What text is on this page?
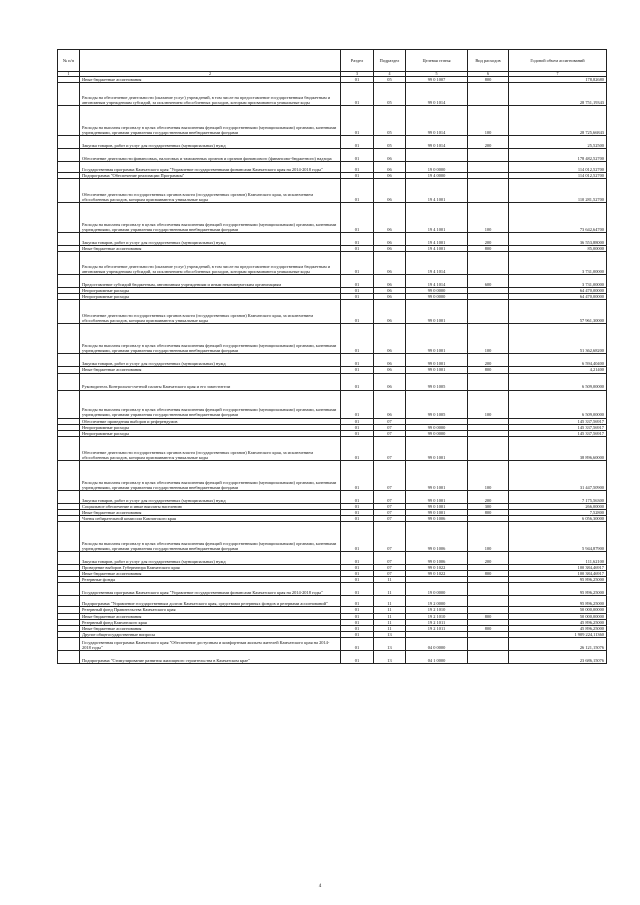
№ п/п		Раздел	Подраздел	Целевая статья	Вид расходов	Годовой объем ассигнований
1	2	3	4	5	6	7
	Иные бюджетные ассигнования	01	05	99 0 1007	800	178,82680
	Расходы на обеспечение деятельности (оказание услуг) учреждений, в том числе на предоставление государственным бюджетным и автономным учреждениям субсидий, за исключением обособленных расходов, которым присваиваются уникальные коды	01	05	99 0 1014		28 751,19343
	Расходы на выплаты персоналу в целях обеспечения выполнения функций государственными (муниципальными) органами, казенными учреждениями, органами управления государственными внебюджетными фондами	01	05	99 0 1014	100	28 725,66843
	Закупка товаров, работ и услуг для государственных (муниципальных) нужд	01	05	99 0 1014	200	25,52500
	Обеспечение деятельности финансовых, налоговых и таможенных органов и органов финансового (финансово-бюджетного) надзора	01	06			178 482,52700
	Государственная программа Камчатского края "Управление государственными финансами Камчатского края на 2014-2018 годы"	01	06	19 0 0000		114 012,52700
	Подпрограмма "Обеспечение реализации Программы"	01	06	19 4 0000		114 012,52700
	Обеспечение деятельности государственных органов власти (государственных органов) Камчатского края, за исключением обособленных расходов, которым присваиваются уникальные коды	01	06	19 4 1001		110 281,52700
	Расходы на выплаты персоналу в целях обеспечения выполнения функций государственными (муниципальными) органами, казенными учреждениями, органами управления государственными внебюджетными фондами	01	06	19 4 1001	100	73 642,64700
	Закупка товаров, работ и услуг для государственных (муниципальных) нужд	01	06	19 4 1001	200	36 553,88000
	Иные бюджетные ассигнования	01	06	19 4 1001	800	85,00000
	Расходы на обеспечение деятельности (оказание услуг) учреждений, в том числе на предоставление государственным бюджетным и автономным учреждениям субсидий, за исключением обособленных расходов, которым присваиваются уникальные коды	01	06	19 4 1014		3 731,00000
	Предоставление субсидий бюджетным, автономным учреждениям и иным некоммерческим организациям	01	06	19 4 1014	600	3 731,00000
	Непрограммные расходы	01	06	99 0 0000		64 470,00000
	Непрограммные расходы	01	06	99 0 0000		64 470,00000
	Обеспечение деятельности государственных органов власти (государственных органов) Камчатского края, за исключением обособленных расходов, которым присваиваются уникальные коды	01	06	99 0 1001		57 961,30000
	Расходы на выплаты персоналу в целях обеспечения выполнения функций государственными (муниципальными) органами, казенными учреждениями, органами управления государственными внебюджетными фондами	01	06	99 0 1001	100	51 362,68200
	Закупка товаров, работ и услуг для государственных (муниципальных) нужд	01	06	99 0 1001	200	6 594,40400
	Иные бюджетные ассигнования	01	06	99 0 1001	800	4,21400
	Руководитель Контрольно-счетной палаты Камчатского края и его заместители	01	06	99 0 1005		6 509,00000
	Расходы на выплаты персоналу в целях обеспечения выполнения функций государственными (муниципальными) органами, казенными учреждениями, органами управления государственными внебюджетными фондами	01	06	99 0 1005	100	6 509,00000
	Обеспечение проведения выборов и референдумов	01	07			145 337,56917
	Непрограммные расходы	01	07	99 0 0000		145 337,56917
	Непрограммные расходы	01	07	99 0 0000		145 337,56917
	Обеспечение деятельности государственных органов власти (государственных органов) Камчатского края, за исключением обособленных расходов, которым присваиваются уникальные коды	01	07	99 0 1001		38 896,60000
	Расходы на выплаты персоналу в целях обеспечения выполнения функций государственными (муниципальными) органами, казенными учреждениями, органами управления государственными внебюджетными фондами	01	07	99 0 1001	100	31 447,50900
	Закупка товаров, работ и услуг для государственных (муниципальных) нужд	01	07	99 0 1001	200	7 175,56300
	Социальное обеспечение и иные выплаты населению	01	07	99 0 1001	300	266,00000
	Иные бюджетные ассигнования	01	07	99 0 1001	800	7,52800
	Члены избирательной комиссии Камчатского края	01	07	99 0 1006		6 056,30000
	Расходы на выплаты персоналу в целях обеспечения выполнения функций государственными (муниципальными) органами, казенными учреждениями, органами управления государственными внебюджетными фондами	01	07	99 0 1006	100	5 944,87900
	Закупка товаров, работ и услуг для государственных (муниципальных) нужд	01	07	99 0 1006	200	111,62100
	Проведение выборов Губернатора Камчатского края	01	07	99 0 1022		100 384,46917
	Иные бюджетные ассигнования	01	07	99 0 1022	800	100 384,46917
	Резервные фонды	01	11			95 896,25000
	Государственная программа Камчатского края "Управление государственными финансами Камчатского края на 2014-2018 годы"	01	11	19 0 0000		95 896,25000
	Подпрограмма "Управление государственным долгом Камчатского края, средствами резервных фондов и резервами ассигнований"	01	11	19 2 0000		95 896,25000
	Резервный фонд Правительства Камчатского края	01	11	19 2 1010		50 000,00000
	Иные бюджетные ассигнования	01	11	19 2 1010	800	50 000,00000
	Резервный фонд Камчатского края	01	11	19 2 1011		45 896,25000
	Иные бюджетные ассигнования	01	11	19 2 1011	800	45 896,25000
	Другие общегосударственные вопросы	01	13			1 909 224,11360
	Государственная программа Камчатского края "Обеспечение доступным и комфортным жильем жителей Камчатского края на 2014-2018 годы"	01	13	04 0 0000		26 121,15076
	Подпрограмма "Стимулирование развития жилищного строительства в Камчатском крае"	01	13	04 1 0000		23 686,15076
4
